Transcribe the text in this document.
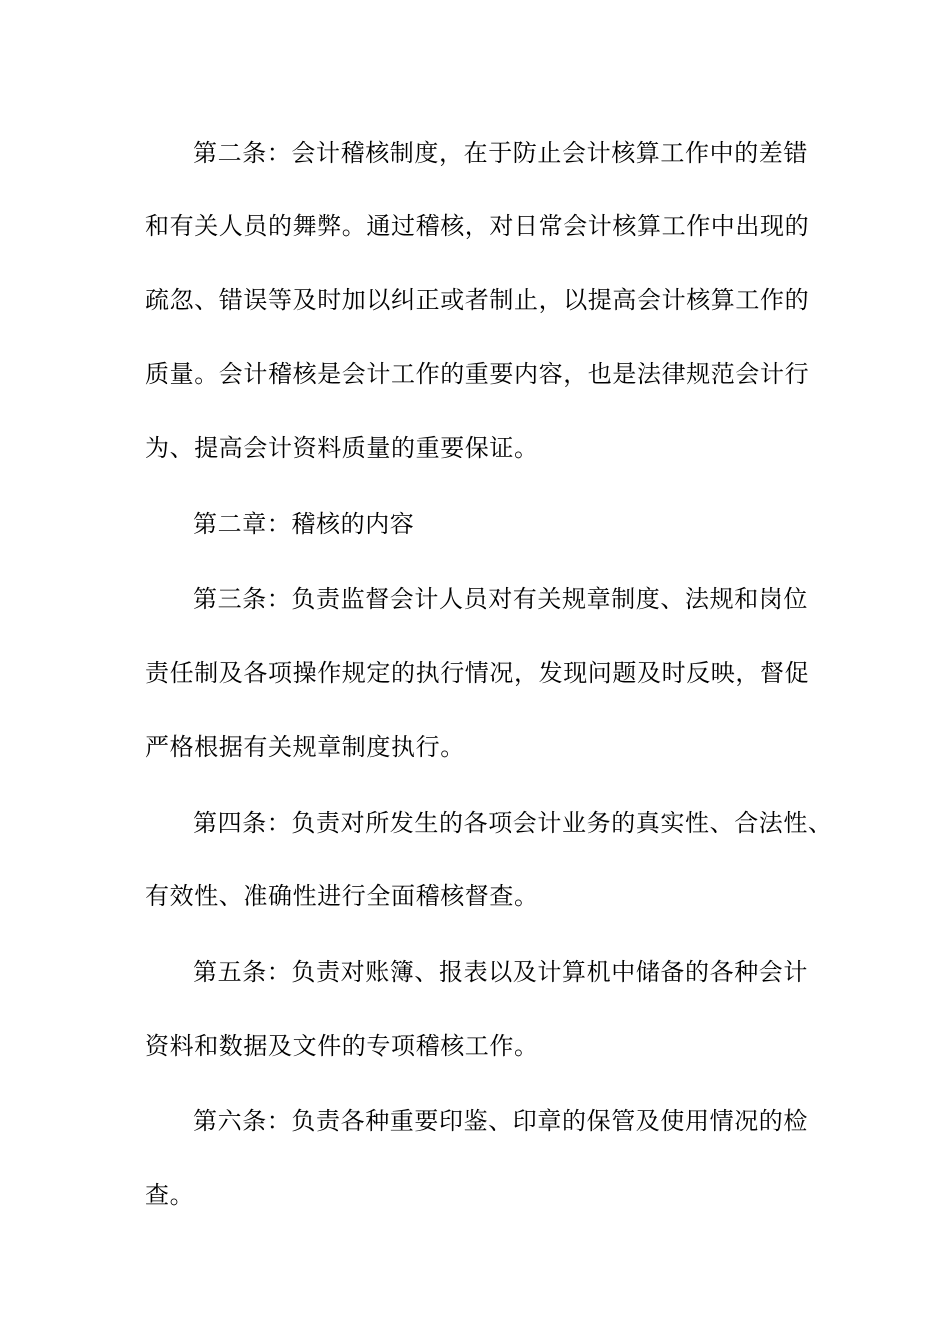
第二条：会计稽核制度，在于防止会计核算工作中的差错
和有关人员的舞弊。通过稽核，对日常会计核算工作中出现的
疏忽、错误等及时加以纠正或者制止，以提高会计核算工作的
质量。会计稽核是会计工作的重要内容，也是法律规范会计行
为、提高会计资料质量的重要保证。
第二章：稽核的内容
第三条：负责监督会计人员对有关规章制度、法规和岗位
责任制及各项操作规定的执行情况，发现问题及时反映，督促
严格根据有关规章制度执行。
第四条：负责对所发生的各项会计业务的真实性、合法性、
有效性、准确性进行全面稽核督查。
第五条：负责对账簿、报表以及计算机中储备的各种会计
资料和数据及文件的专项稽核工作。
第六条：负责各种重要印鉴、印章的保管及使用情况的检
查。
